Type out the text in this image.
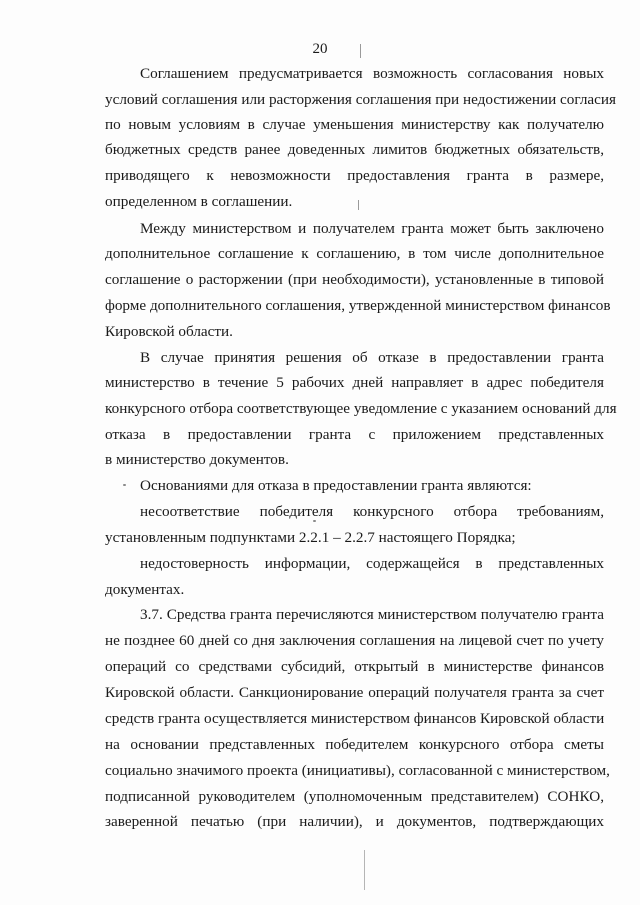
20
Соглашением предусматривается возможность согласования новых
условий соглашения или расторжения соглашения при недостижении согласия
по новым условиям в случае уменьшения министерству как получателю
бюджетных средств ранее доведенных лимитов бюджетных обязательств,
приводящего к невозможности предоставления гранта в размере,
определенном в соглашении.
Между министерством и получателем гранта может быть заключено
дополнительное соглашение к соглашению, в том числе дополнительное
соглашение о расторжении (при необходимости), установленные в типовой
форме дополнительного соглашения, утвержденной министерством финансов
Кировской области.
В случае принятия решения об отказе в предоставлении гранта
министерство в течение 5 рабочих дней направляет в адрес победителя
конкурсного отбора соответствующее уведомление с указанием оснований для
отказа в предоставлении гранта с приложением представленных
в министерство документов.
Основаниями для отказа в предоставлении гранта являются:
несоответствие победителя конкурсного отбора требованиям,
установленным подпунктами 2.2.1 – 2.2.7 настоящего Порядка;
недостоверность информации, содержащейся в представленных
документах.
3.7. Средства гранта перечисляются министерством получателю гранта
не позднее 60 дней со дня заключения соглашения на лицевой счет по учету
операций со средствами субсидий, открытый в министерстве финансов
Кировской области. Санкционирование операций получателя гранта за счет
средств гранта осуществляется министерством финансов Кировской области
на основании представленных победителем конкурсного отбора сметы
социально значимого проекта (инициативы), согласованной с министерством,
подписанной руководителем (уполномоченным представителем) СОНКО,
заверенной печатью (при наличии), и документов, подтверждающих
